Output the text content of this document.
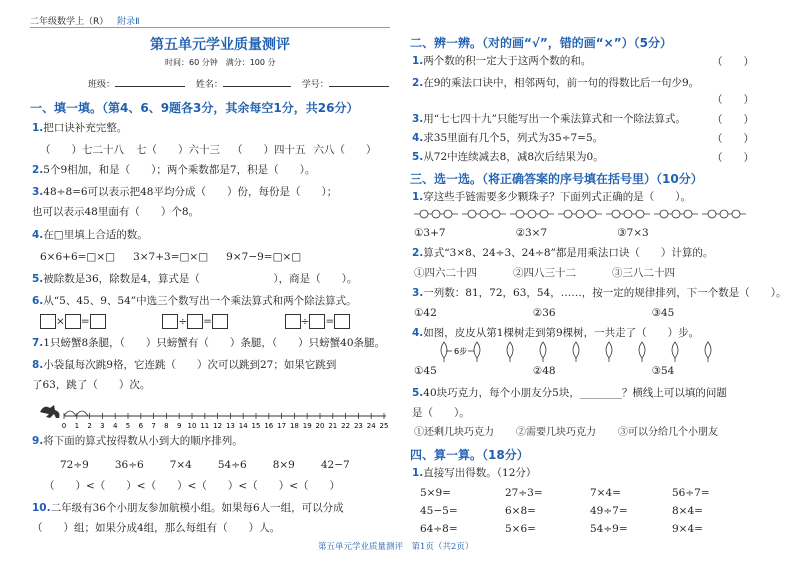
二年级数学上（R） 附录Ⅱ
第五单元学业质量测评
时间：60 分钟　满分：100 分
班级：	姓名：	学号：
一、填一填。（第4、6、9题各3分，其余每空1分，共26分）
1.把口诀补充完整。
（　　）七二十八 七（　　）六十三 （　　）四十五 六八（　　）
2.5个9相加，和是（　　）；两个乘数都是7，积是（　　）。
3.48÷8=6可以表示把48平均分成（　　）份，每份是（　　）；
也可以表示48里面有（　　）个8。
4.在□里填上合适的数。
6×6+6=□×□ 3×7+3=□×□ 9×7−9=□×□
5.被除数是36，除数是4，算式是（　　　　　　　），商是（　　）。
6.从“5、45、9、54”中选三个数写出一个乘法算式和两个除法算式。
× =	÷ =	÷ =
7.1只螃蟹8条腿，（　　）只螃蟹有（　　）条腿，（　　）只螃蟹40条腿。
8.小袋鼠每次跳9格，它连跳（　　）次可以跳到27；如果它跳到
了63，跳了（　　）次。
0 1 2 3 4 5 6 7 8 9 10 11 12 13 14 15 16 17 18 19 20 21 22 23 24 25
9.将下面的算式按得数从小到大的顺序排列。
72÷9 36÷6 7×4 54÷6 8×9 42−7
（　　）<（　　）<（　　）<（　　）<（　　）<（　　）
10.二年级有36个小朋友参加航模小组。如果每6人一组，可以分成
（　　）组；如果分成4组，那么每组有（　　）人。
二、辨一辨。（对的画“√”，错的画“×”）（5分）
1.两个数的积一定大于这两个数的和。	（　　）
2.在9的乘法口诀中，相邻两句，前一句的得数比后一句少9。
（　　）
3.用“七七四十九”只能写出一个乘法算式和一个除法算式。 （　　）
4.求35里面有几个5，列式为35÷7=5。	（　　）
5.从72中连续减去8，减8次后结果为0。	（　　）
三、选一选。（将正确答案的序号填在括号里）（10分）
1.穿这些手链需要多少颗珠子？下面列式正确的是（　　）。
①3+7	②3×7	③7×3
2.算式“3×8、24÷3、24÷8”都是用乘法口诀（　　）计算的。
①四六二十四	②四八三十二	③三八二十四
3.一列数：81，72，63，54，……，按一定的规律排列，下一个数是（　　）。
①42	②36	③45
4.如图，皮皮从第1棵树走到第9棵树，一共走了（　　）步。
6步
①45	②48	③54
5.40块巧克力，每个小朋友分5块，________？横线上可以填的问题
是（　　）。
①还剩几块巧克力 ②需要几块巧克力 ③可以分给几个小朋友
四、算一算。（18分）
1.直接写出得数。（12分）
5×9=	27÷3=	7×4=	56÷7=
45−5=	6×8=	49÷7=	8×4=
64÷8=	5×6=	54÷9=	9×4=
第五单元学业质量测评　第1页（共2页）
